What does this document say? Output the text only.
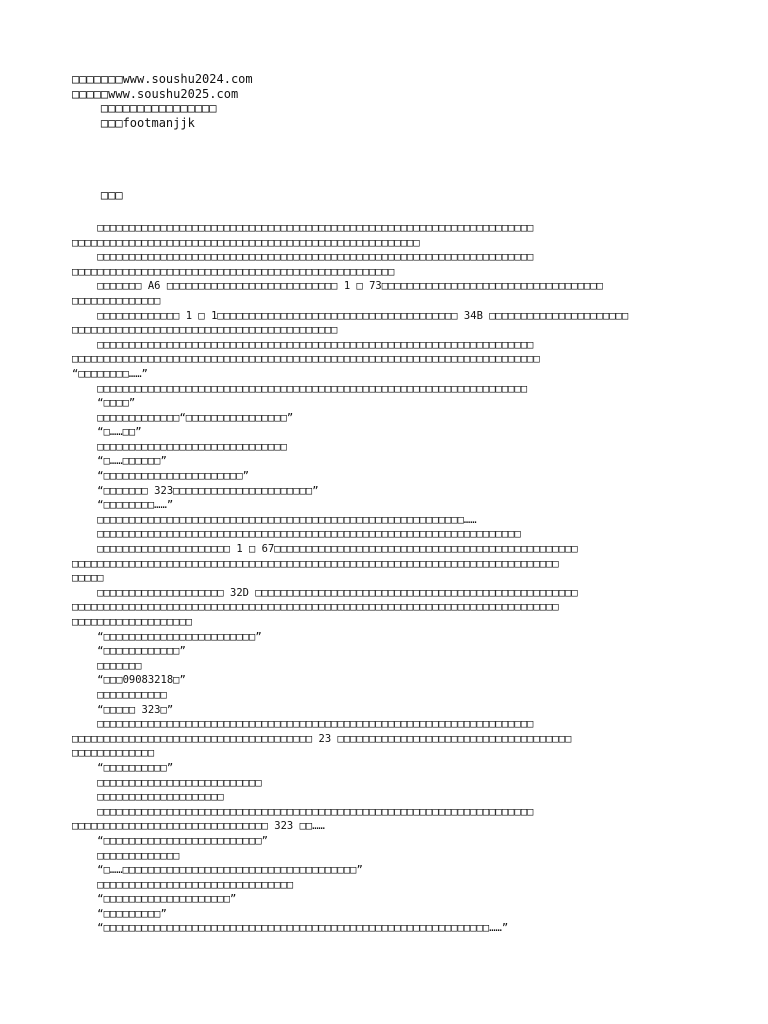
□□□□□□□www.soushu2024.com
□□□□□www.soushu2025.com
□□□□□□□□□□□□□□□□
□□□footmanjjk
□□□
□□□□□□□□□□□□□□□□□□□□□□□□□□□□□□□□□□□□□□□□□□□□□□□□□□□□□□□□□□□□□□□□□□□□□
□□□□□□□□□□□□□□□□□□□□□□□□□□□□□□□□□□□□□□□□□□□□□□□□□□□□□□□
□□□□□□□□□□□□□□□□□□□□□□□□□□□□□□□□□□□□□□□□□□□□□□□□□□□□□□□□□□□□□□□□□□□□□
□□□□□□□□□□□□□□□□□□□□□□□□□□□□□□□□□□□□□□□□□□□□□□□□□□□
□□□□□□□ A6 □□□□□□□□□□□□□□□□□□□□□□□□□□□ 1 □ 73□□□□□□□□□□□□□□□□□□□□□□□□□□□□□□□□□□□
□□□□□□□□□□□□□□
□□□□□□□□□□□□□ 1 □ 1□□□□□□□□□□□□□□□□□□□□□□□□□□□□□□□□□□□□□□ 34B □□□□□□□□□□□□□□□□□□□□□□
□□□□□□□□□□□□□□□□□□□□□□□□□□□□□□□□□□□□□□□□□□
□□□□□□□□□□□□□□□□□□□□□□□□□□□□□□□□□□□□□□□□□□□□□□□□□□□□□□□□□□□□□□□□□□□□□
□□□□□□□□□□□□□□□□□□□□□□□□□□□□□□□□□□□□□□□□□□□□□□□□□□□□□□□□□□□□□□□□□□□□□□□□□□
“□□□□□□□□……”
□□□□□□□□□□□□□□□□□□□□□□□□□□□□□□□□□□□□□□□□□□□□□□□□□□□□□□□□□□□□□□□□□□□□
“□□□□”
□□□□□□□□□□□□□“□□□□□□□□□□□□□□□□”
“□……□□”
□□□□□□□□□□□□□□□□□□□□□□□□□□□□□□
“□……□□□□□□”
“□□□□□□□□□□□□□□□□□□□□□□”
“□□□□□□□ 323□□□□□□□□□□□□□□□□□□□□□□”
“□□□□□□□□……”
□□□□□□□□□□□□□□□□□□□□□□□□□□□□□□□□□□□□□□□□□□□□□□□□□□□□□□□□□□……
□□□□□□□□□□□□□□□□□□□□□□□□□□□□□□□□□□□□□□□□□□□□□□□□□□□□□□□□□□□□□□□□□□□
□□□□□□□□□□□□□□□□□□□□□ 1 □ 67□□□□□□□□□□□□□□□□□□□□□□□□□□□□□□□□□□□□□□□□□□□□□□□□
□□□□□□□□□□□□□□□□□□□□□□□□□□□□□□□□□□□□□□□□□□□□□□□□□□□□□□□□□□□□□□□□□□□□□□□□□□□□□
□□□□□
□□□□□□□□□□□□□□□□□□□□ 32D □□□□□□□□□□□□□□□□□□□□□□□□□□□□□□□□□□□□□□□□□□□□□□□□□□□
□□□□□□□□□□□□□□□□□□□□□□□□□□□□□□□□□□□□□□□□□□□□□□□□□□□□□□□□□□□□□□□□□□□□□□□□□□□□□
□□□□□□□□□□□□□□□□□□□
“□□□□□□□□□□□□□□□□□□□□□□□□”
“□□□□□□□□□□□□”
□□□□□□□
“□□□09083218□”
□□□□□□□□□□□
“□□□□□ 323□”
□□□□□□□□□□□□□□□□□□□□□□□□□□□□□□□□□□□□□□□□□□□□□□□□□□□□□□□□□□□□□□□□□□□□□
□□□□□□□□□□□□□□□□□□□□□□□□□□□□□□□□□□□□□□ 23 □□□□□□□□□□□□□□□□□□□□□□□□□□□□□□□□□□□□□
□□□□□□□□□□□□□
“□□□□□□□□□□”
□□□□□□□□□□□□□□□□□□□□□□□□□□
□□□□□□□□□□□□□□□□□□□□
□□□□□□□□□□□□□□□□□□□□□□□□□□□□□□□□□□□□□□□□□□□□□□□□□□□□□□□□□□□□□□□□□□□□□
□□□□□□□□□□□□□□□□□□□□□□□□□□□□□□□ 323 □□……
“□□□□□□□□□□□□□□□□□□□□□□□□□”
□□□□□□□□□□□□□
“□……□□□□□□□□□□□□□□□□□□□□□□□□□□□□□□□□□□□□□”
□□□□□□□□□□□□□□□□□□□□□□□□□□□□□□□
“□□□□□□□□□□□□□□□□□□□□”
“□□□□□□□□□”
“□□□□□□□□□□□□□□□□□□□□□□□□□□□□□□□□□□□□□□□□□□□□□□□□□□□□□□□□□□□□□……”
